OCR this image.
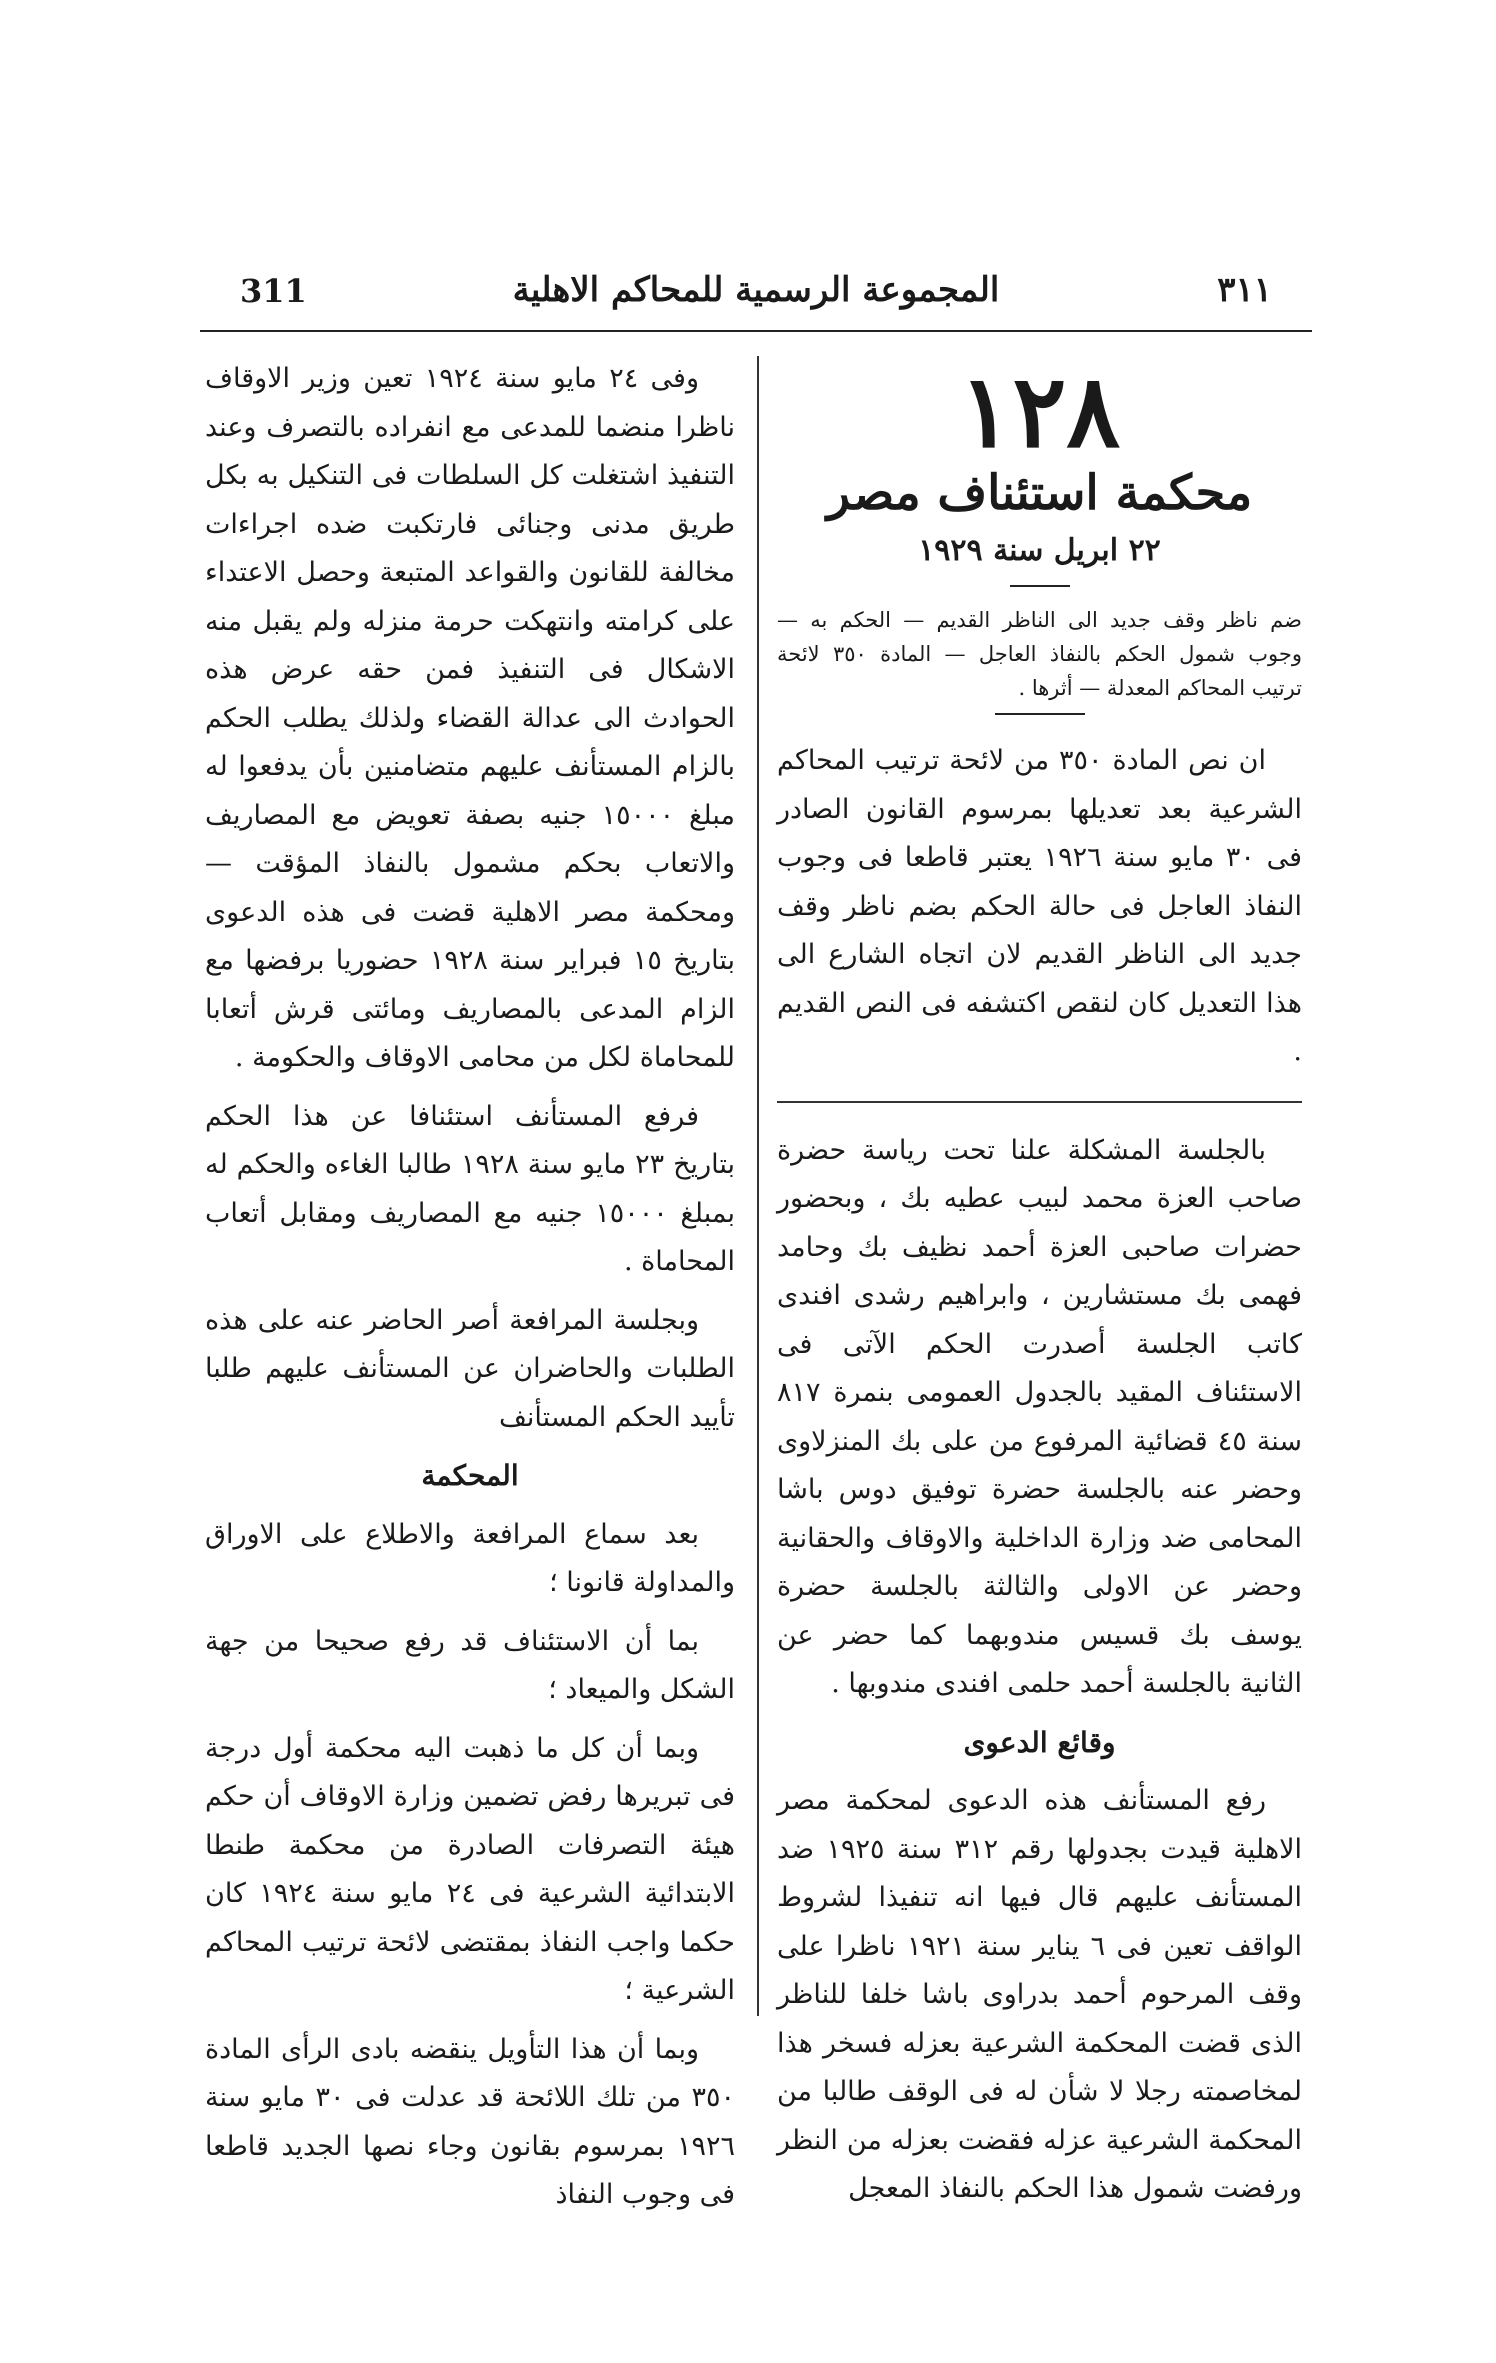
311	المجموعة الرسمية للمحاكم الاهلية	٣١١
١٢٨
محكمة استئناف مصر
٢٢ ابريل سنة ١٩٢٩

ضم ناظر وقف جديد الى الناظر القديم — الحكم به — وجوب شمول الحكم بالنفاذ العاجل — المادة ٣٥٠ لائحة ترتيب المحاكم المعدلة — أثرها .

ان نص المادة ٣٥٠ من لائحة ترتيب المحاكم الشرعية بعد تعديلها بمرسوم القانون الصادر فى ٣٠ مايو سنة ١٩٢٦ يعتبر قاطعا فى وجوب النفاذ العاجل فى حالة الحكم بضم ناظر وقف جديد الى الناظر القديم لان اتجاه الشارع الى هذا التعديل كان لنقص اكتشفه فى النص القديم .

بالجلسة المشكلة علنا تحت رياسة حضرة صاحب العزة محمد لبيب عطيه بك ، وبحضور حضرات صاحبى العزة أحمد نظيف بك وحامد فهمى بك مستشارين ، وابراهيم رشدى افندى كاتب الجلسة أصدرت الحكم الآتى فى الاستئناف المقيد بالجدول العمومى بنمرة ٨١٧ سنة ٤٥ قضائية المرفوع من على بك المنزلاوى وحضر عنه بالجلسة حضرة توفيق دوس باشا المحامى ضد وزارة الداخلية والاوقاف والحقانية وحضر عن الاولى والثالثة بالجلسة حضرة يوسف بك قسيس مندوبهما كما حضر عن الثانية بالجلسة أحمد حلمى افندى مندوبها .

وقائع الدعوى

رفع المستأنف هذه الدعوى لمحكمة مصر الاهلية قيدت بجدولها رقم ٣١٢ سنة ١٩٢٥ ضد المستأنف عليهم قال فيها انه تنفيذا لشروط الواقف تعين فى ٦ يناير سنة ١٩٢١ ناظرا على وقف المرحوم أحمد بدراوى باشا خلفا للناظر الذى قضت المحكمة الشرعية بعزله فسخر هذا لمخاصمته رجلا لا شأن له فى الوقف طالبا من المحكمة الشرعية عزله فقضت بعزله من النظر ورفضت شمول هذا الحكم بالنفاذ المعجل

وفى ٢٤ مايو سنة ١٩٢٤ تعين وزير الاوقاف ناظرا منضما للمدعى مع انفراده بالتصرف وعند التنفيذ اشتغلت كل السلطات فى التنكيل به بكل طريق مدنى وجنائى فارتكبت ضده اجراءات مخالفة للقانون والقواعد المتبعة وحصل الاعتداء على كرامته وانتهكت حرمة منزله ولم يقبل منه الاشكال فى التنفيذ فمن حقه عرض هذه الحوادث الى عدالة القضاء ولذلك يطلب الحكم بالزام المستأنف عليهم متضامنين بأن يدفعوا له مبلغ ١٥٠٠٠ جنيه بصفة تعويض مع المصاريف والاتعاب بحكم مشمول بالنفاذ المؤقت — ومحكمة مصر الاهلية قضت فى هذه الدعوى بتاريخ ١٥ فبراير سنة ١٩٢٨ حضوريا برفضها مع الزام المدعى بالمصاريف ومائتى قرش أتعابا للمحاماة لكل من محامى الاوقاف والحكومة .

فرفع المستأنف استئنافا عن هذا الحكم بتاريخ ٢٣ مايو سنة ١٩٢٨ طالبا الغاءه والحكم له بمبلغ ١٥٠٠٠ جنيه مع المصاريف ومقابل أتعاب المحاماة .

وبجلسة المرافعة أصر الحاضر عنه على هذه الطلبات والحاضران عن المستأنف عليهم طلبا تأييد الحكم المستأنف

المحكمة

بعد سماع المرافعة والاطلاع على الاوراق والمداولة قانونا ؛

بما أن الاستئناف قد رفع صحيحا من جهة الشكل والميعاد ؛

وبما أن كل ما ذهبت اليه محكمة أول درجة فى تبريرها رفض تضمين وزارة الاوقاف أن حكم هيئة التصرفات الصادرة من محكمة طنطا الابتدائية الشرعية فى ٢٤ مايو سنة ١٩٢٤ كان حكما واجب النفاذ بمقتضى لائحة ترتيب المحاكم الشرعية ؛

وبما أن هذا التأويل ينقضه بادى الرأى المادة ٣٥٠ من تلك اللائحة قد عدلت فى ٣٠ مايو سنة ١٩٢٦ بمرسوم بقانون وجاء نصها الجديد قاطعا فى وجوب النفاذ
